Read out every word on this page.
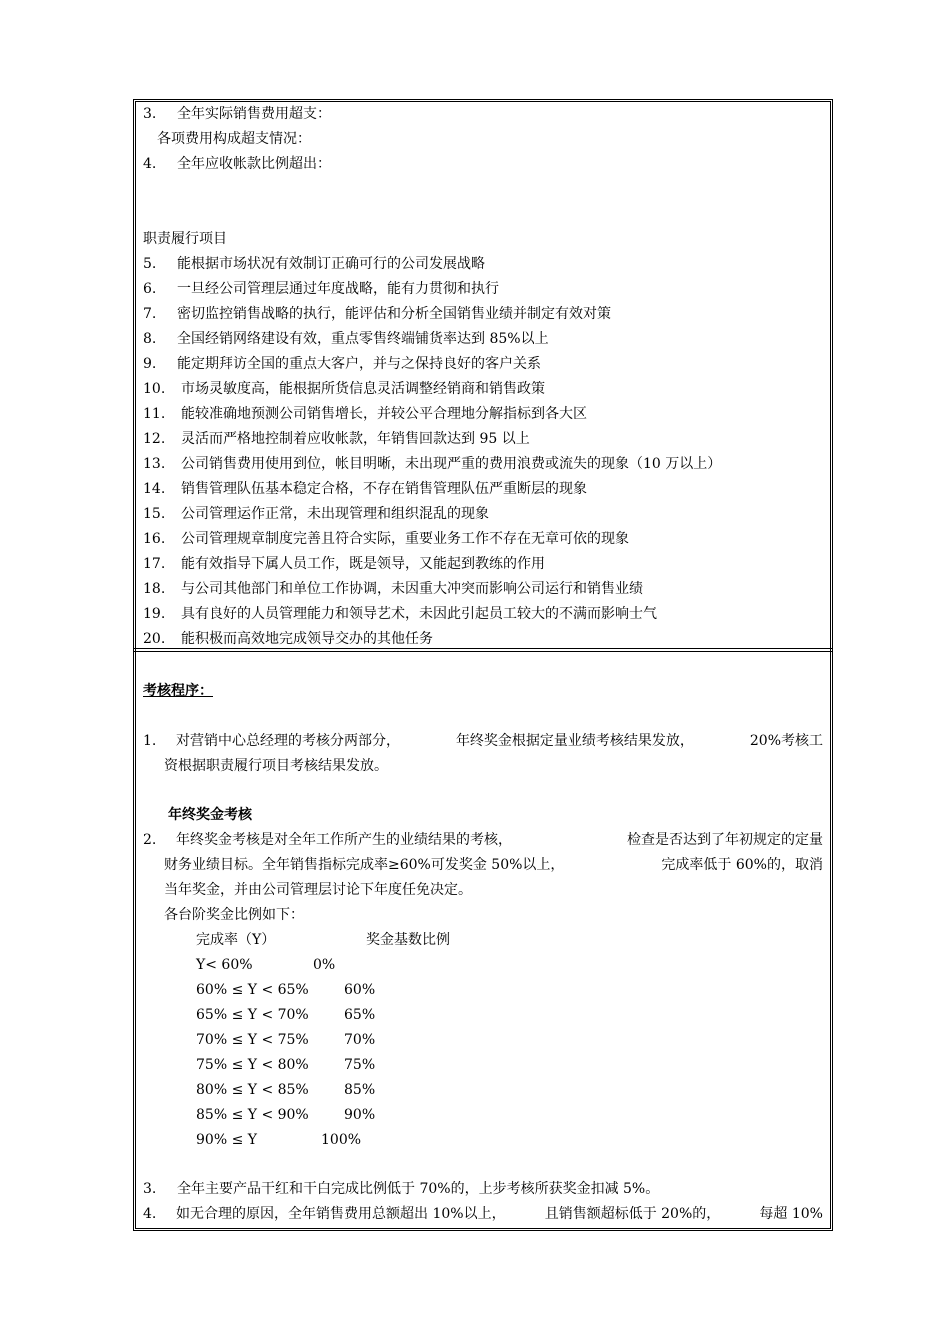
3. 全年实际销售费用超支：
各项费用构成超支情况：
4. 全年应收帐款比例超出：
职责履行项目
5. 能根据市场状况有效制订正确可行的公司发展战略
6. 一旦经公司管理层通过年度战略，能有力贯彻和执行
7. 密切监控销售战略的执行，能评估和分析全国销售业绩并制定有效对策
8. 全国经销网络建设有效，重点零售终端铺货率达到 85%以上
9. 能定期拜访全国的重点大客户，并与之保持良好的客户关系
10. 市场灵敏度高，能根据所货信息灵活调整经销商和销售政策
11. 能较准确地预测公司销售增长，并较公平合理地分解指标到各大区
12. 灵活而严格地控制着应收帐款，年销售回款达到 95 以上
13. 公司销售费用使用到位，帐目明晰，未出现严重的费用浪费或流失的现象（10 万以上）
14. 销售管理队伍基本稳定合格，不存在销售管理队伍严重断层的现象
15. 公司管理运作正常，未出现管理和组织混乱的现象
16. 公司管理规章制度完善且符合实际，重要业务工作不存在无章可依的现象
17. 能有效指导下属人员工作，既是领导，又能起到教练的作用
18. 与公司其他部门和单位工作协调，未因重大冲突而影响公司运行和销售业绩
19. 具有良好的人员管理能力和领导艺术，未因此引起员工较大的不满而影响士气
20. 能积极而高效地完成领导交办的其他任务
考核程序：
1. 对营销中心总经理的考核分两部分，	年终奖金根据定量业绩考核结果发放，	20%考核工
资根据职责履行项目考核结果发放。
年终奖金考核
2. 年终奖金考核是对全年工作所产生的业绩结果的考核，	检查是否达到了年初规定的定量
财务业绩目标。全年销售指标完成率≥60%可发奖金 50%以上，	完成率低于 60%的，取消
当年奖金，并由公司管理层讨论下年度任免决定。
各台阶奖金比例如下：
完成率（Y）	奖金基数比例
Y< 60%	0%
60% ≤ Y < 65%	60%
65% ≤ Y < 70%	65%
70% ≤ Y < 75%	70%
75% ≤ Y < 80%	75%
80% ≤ Y < 85%	85%
85% ≤ Y < 90%	90%
90% ≤ Y	100%
3. 全年主要产品干红和干白完成比例低于 70%的，上步考核所获奖金扣减 5%。
4. 如无合理的原因，全年销售费用总额超出 10%以上，	且销售额超标低于 20%的，	每超 10%
